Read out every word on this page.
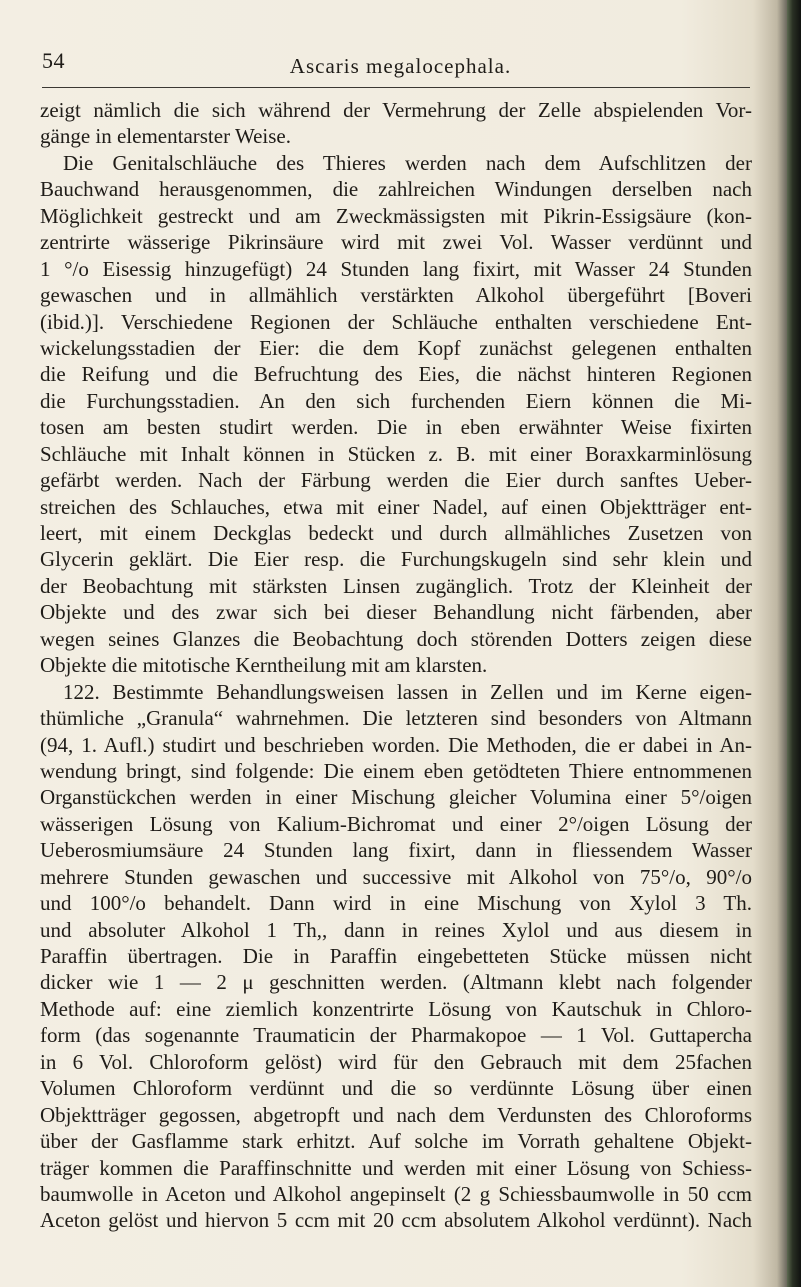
54	Ascaris megalocephala.
zeigt nämlich die sich während der Vermehrung der Zelle abspielenden Vor-
gänge in elementarster Weise.
Die Genitalschläuche des Thieres werden nach dem Aufschlitzen der
Bauchwand herausgenommen, die zahlreichen Windungen derselben nach
Möglichkeit gestreckt und am Zweckmässigsten mit Pikrin-Essigsäure (kon-
zentrirte wässerige Pikrinsäure wird mit zwei Vol. Wasser verdünnt und
1 °/o Eisessig hinzugefügt) 24 Stunden lang fixirt, mit Wasser 24 Stunden
gewaschen und in allmählich verstärkten Alkohol übergeführt [Boveri
(ibid.)]. Verschiedene Regionen der Schläuche enthalten verschiedene Ent-
wickelungsstadien der Eier: die dem Kopf zunächst gelegenen enthalten
die Reifung und die Befruchtung des Eies, die nächst hinteren Regionen
die Furchungsstadien. An den sich furchenden Eiern können die Mi-
tosen am besten studirt werden. Die in eben erwähnter Weise fixirten
Schläuche mit Inhalt können in Stücken z. B. mit einer Boraxkarminlösung
gefärbt werden. Nach der Färbung werden die Eier durch sanftes Ueber-
streichen des Schlauches, etwa mit einer Nadel, auf einen Objektträger ent-
leert, mit einem Deckglas bedeckt und durch allmähliches Zusetzen von
Glycerin geklärt. Die Eier resp. die Furchungskugeln sind sehr klein und
der Beobachtung mit stärksten Linsen zugänglich. Trotz der Kleinheit der
Objekte und des zwar sich bei dieser Behandlung nicht färbenden, aber
wegen seines Glanzes die Beobachtung doch störenden Dotters zeigen diese
Objekte die mitotische Kerntheilung mit am klarsten.
122. Bestimmte Behandlungsweisen lassen in Zellen und im Kerne eigen-
thümliche „Granula“ wahrnehmen. Die letzteren sind besonders von Altmann
(94, 1. Aufl.) studirt und beschrieben worden. Die Methoden, die er dabei in An-
wendung bringt, sind folgende: Die einem eben getödteten Thiere entnommenen
Organstückchen werden in einer Mischung gleicher Volumina einer 5°/oigen
wässerigen Lösung von Kalium-Bichromat und einer 2°/oigen Lösung der
Ueberosmiumsäure 24 Stunden lang fixirt, dann in fliessendem Wasser
mehrere Stunden gewaschen und successive mit Alkohol von 75°/o, 90°/o
und 100°/o behandelt. Dann wird in eine Mischung von Xylol 3 Th.
und absoluter Alkohol 1 Th,, dann in reines Xylol und aus diesem in
Paraffin übertragen. Die in Paraffin eingebetteten Stücke müssen nicht
dicker wie 1 — 2 μ geschnitten werden. (Altmann klebt nach folgender
Methode auf: eine ziemlich konzentrirte Lösung von Kautschuk in Chloro-
form (das sogenannte Traumaticin der Pharmakopoe — 1 Vol. Guttapercha
in 6 Vol. Chloroform gelöst) wird für den Gebrauch mit dem 25fachen
Volumen Chloroform verdünnt und die so verdünnte Lösung über einen
Objektträger gegossen, abgetropft und nach dem Verdunsten des Chloroforms
über der Gasflamme stark erhitzt. Auf solche im Vorrath gehaltene Objekt-
träger kommen die Paraffinschnitte und werden mit einer Lösung von Schiess-
baumwolle in Aceton und Alkohol angepinselt (2 g Schiessbaumwolle in 50 ccm
Aceton gelöst und hiervon 5 ccm mit 20 ccm absolutem Alkohol verdünnt). Nach
